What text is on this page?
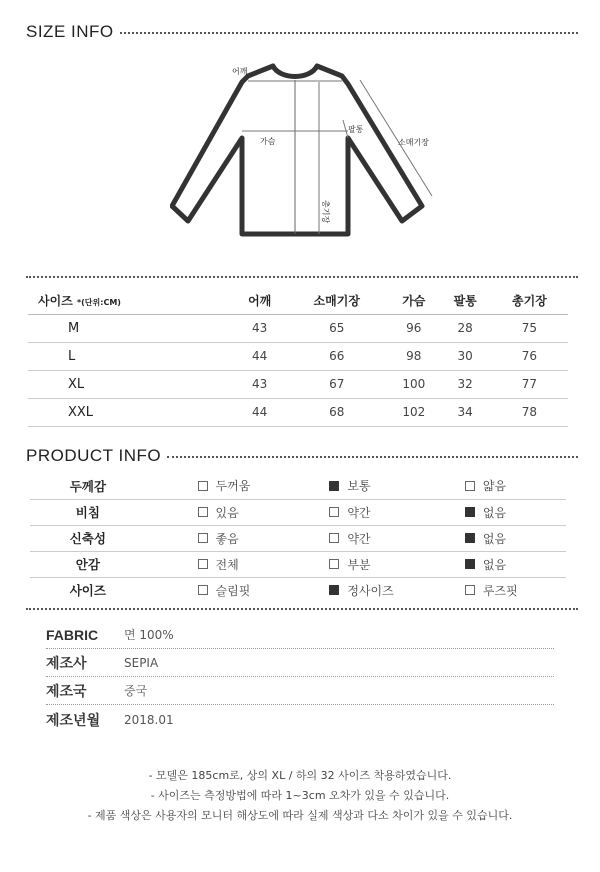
SIZE INFO
어깨
가슴
팔통
소매기장
총기장
사이즈 *(단위:CM)	어깨	소매기장	가슴	팔통	총기장
M	43	65	96	28	75
L	44	66	98	30	76
XL	43	67	100	32	77
XXL	44	68	102	34	78
PRODUCT INFO
두께감		두꺼움	보통	얇음

비침		있음	약간	없음

신축성		좋음	약간	없음

안감		전체	부분	없음

사이즈		슬림핏	정사이즈	루즈핏
FABRIC	면 100%
제조사	SEPIA
제조국	중국
제조년월	2018.01
- 모델은 185cm로, 상의 XL / 하의 32 사이즈 착용하였습니다.
- 사이즈는 측정방법에 따라 1~3cm 오차가 있을 수 있습니다.
- 제품 색상은 사용자의 모니터 해상도에 따라 실제 색상과 다소 차이가 있을 수 있습니다.
